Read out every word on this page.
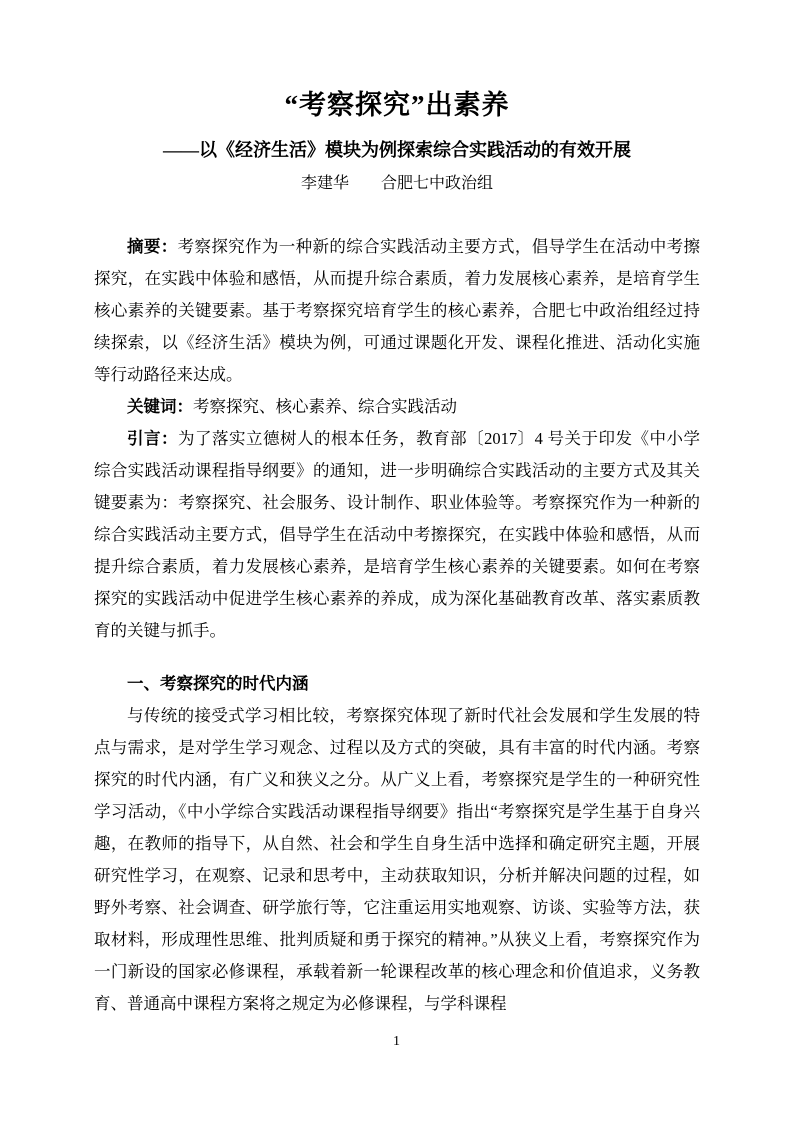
“考察探究”出素养
——以《经济生活》模块为例探索综合实践活动的有效开展
李建华　　合肥七中政治组

摘要：考察探究作为一种新的综合实践活动主要方式，倡导学生在活动中考擦探究，在实践中体验和感悟，从而提升综合素质，着力发展核心素养，是培育学生核心素养的关键要素。基于考察探究培育学生的核心素养，合肥七中政治组经过持续探索，以《经济生活》模块为例，可通过课题化开发、课程化推进、活动化实施等行动路径来达成。

关键词：考察探究、核心素养、综合实践活动

引言：为了落实立德树人的根本任务，教育部〔2017〕4 号关于印发《中小学综合实践活动课程指导纲要》的通知，进一步明确综合实践活动的主要方式及其关键要素为：考察探究、社会服务、设计制作、职业体验等。考察探究作为一种新的综合实践活动主要方式，倡导学生在活动中考擦探究，在实践中体验和感悟，从而提升综合素质，着力发展核心素养，是培育学生核心素养的关键要素。如何在考察探究的实践活动中促进学生核心素养的养成，成为深化基础教育改革、落实素质教育的关键与抓手。

一、考察探究的时代内涵

与传统的接受式学习相比较，考察探究体现了新时代社会发展和学生发展的特点与需求，是对学生学习观念、过程以及方式的突破，具有丰富的时代内涵。考察探究的时代内涵，有广义和狭义之分。从广义上看，考察探究是学生的一种研究性学习活动，《中小学综合实践活动课程指导纲要》指出“考察探究是学生基于自身兴趣，在教师的指导下，从自然、社会和学生自身生活中选择和确定研究主题，开展研究性学习，在观察、记录和思考中，主动获取知识，分析并解决问题的过程，如野外考察、社会调查、研学旅行等，它注重运用实地观察、访谈、实验等方法，获取材料，形成理性思维、批判质疑和勇于探究的精神。”从狭义上看，考察探究作为一门新设的国家必修课程，承载着新一轮课程改革的核心理念和价值追求，义务教育、普通高中课程方案将之规定为必修课程，与学科课程

1
